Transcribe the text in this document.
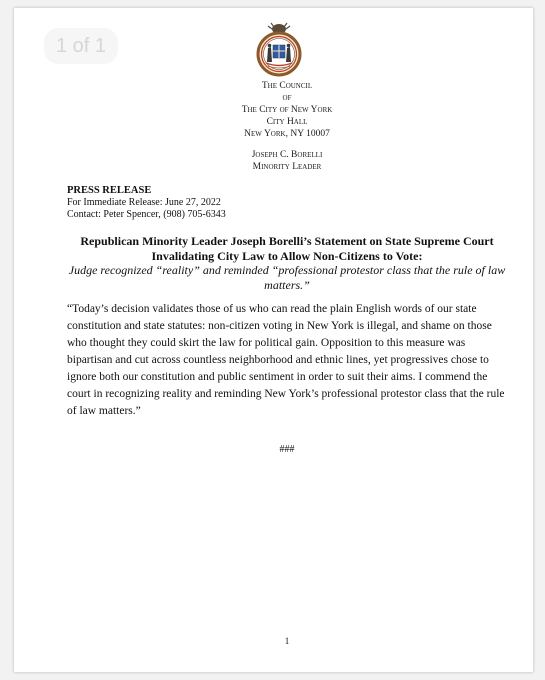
1 of 1
The Council
of
The City of New York
City Hall
New York, NY 10007
Joseph C. Borelli
Minority Leader
PRESS RELEASE
For Immediate Release: June 27, 2022
Contact: Peter Spencer, (908) 705-6343
Republican Minority Leader Joseph Borelli’s Statement on State Supreme Court Invalidating City Law to Allow Non-Citizens to Vote:
Judge recognized “reality” and reminded “professional protestor class that the rule of law matters.”
“Today’s decision validates those of us who can read the plain English words of our state constitution and state statutes: non-citizen voting in New York is illegal, and shame on those who thought they could skirt the law for political gain. Opposition to this measure was bipartisan and cut across countless neighborhood and ethnic lines, yet progressives chose to ignore both our constitution and public sentiment in order to suit their aims. I commend the court in recognizing reality and reminding New York’s professional protestor class that the rule of law matters.”
###
1
